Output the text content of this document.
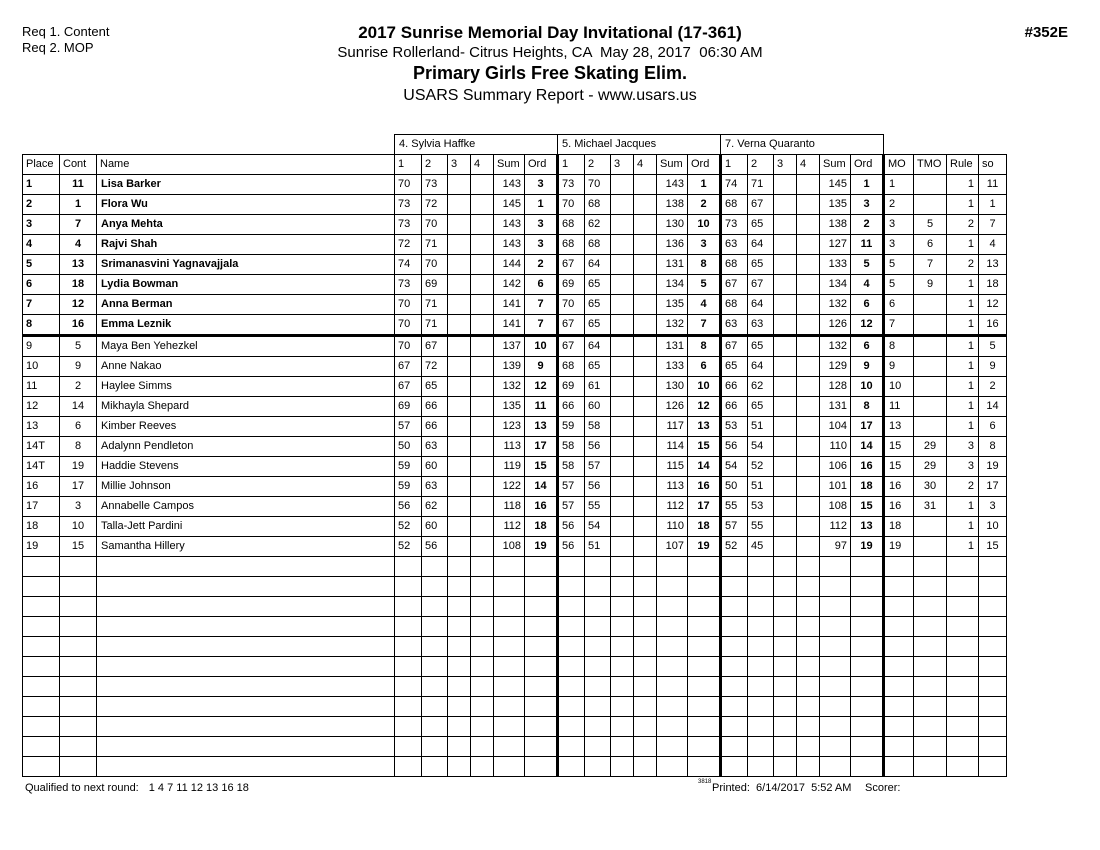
Req 1. Content
Req 2. MOP
2017 Sunrise Memorial Day Invitational (17-361)
Sunrise Rollerland- Citrus Heights, CA  May 28, 2017  06:30 AM
Primary Girls Free Skating Elim.
USARS Summary Report - www.usars.us
#352E
			4. Sylvia Haffke						5. Michael Jacques						7. Verna Quaranto									
Place	Cont	Name	1	2	3	4	Sum	Ord	1	2	3	4	Sum	Ord	1	2	3	4	Sum	Ord	MO	TMO	Rule	so
1	11	Lisa Barker	70	73			143	3	73	70			143	1	74	71			145	1	1		1	11
2	1	Flora Wu	73	72			145	1	70	68			138	2	68	67			135	3	2		1	1
3	7	Anya Mehta	73	70			143	3	68	62			130	10	73	65			138	2	3	5	2	7
4	4	Rajvi Shah	72	71			143	3	68	68			136	3	63	64			127	11	3	6	1	4
5	13	Srimanasvini Yagnavajjala	74	70			144	2	67	64			131	8	68	65			133	5	5	7	2	13
6	18	Lydia Bowman	73	69			142	6	69	65			134	5	67	67			134	4	5	9	1	18
7	12	Anna Berman	70	71			141	7	70	65			135	4	68	64			132	6	6		1	12
8	16	Emma Leznik	70	71			141	7	67	65			132	7	63	63			126	12	7		1	16
9	5	Maya Ben Yehezkel	70	67			137	10	67	64			131	8	67	65			132	6	8		1	5
10	9	Anne Nakao	67	72			139	9	68	65			133	6	65	64			129	9	9		1	9
11	2	Haylee Simms	67	65			132	12	69	61			130	10	66	62			128	10	10		1	2
12	14	Mikhayla Shepard	69	66			135	11	66	60			126	12	66	65			131	8	11		1	14
13	6	Kimber Reeves	57	66			123	13	59	58			117	13	53	51			104	17	13		1	6
14T	8	Adalynn Pendleton	50	63			113	17	58	56			114	15	56	54			110	14	15	29	3	8
14T	19	Haddie Stevens	59	60			119	15	58	57			115	14	54	52			106	16	15	29	3	19
16	17	Millie Johnson	59	63			122	14	57	56			113	16	50	51			101	18	16	30	2	17
17	3	Annabelle Campos	56	62			118	16	57	55			112	17	55	53			108	15	16	31	1	3
18	10	Talla-Jett Pardini	52	60			112	18	56	54			110	18	57	55			112	13	18		1	10
19	15	Samantha Hillery	52	56			108	19	56	51			107	19	52	45			97	19	19		1	15

Qualified to next round: 1 4 7 11 12 13 16 18	3818 Printed:  6/14/2017  5:52 AM Scorer:
